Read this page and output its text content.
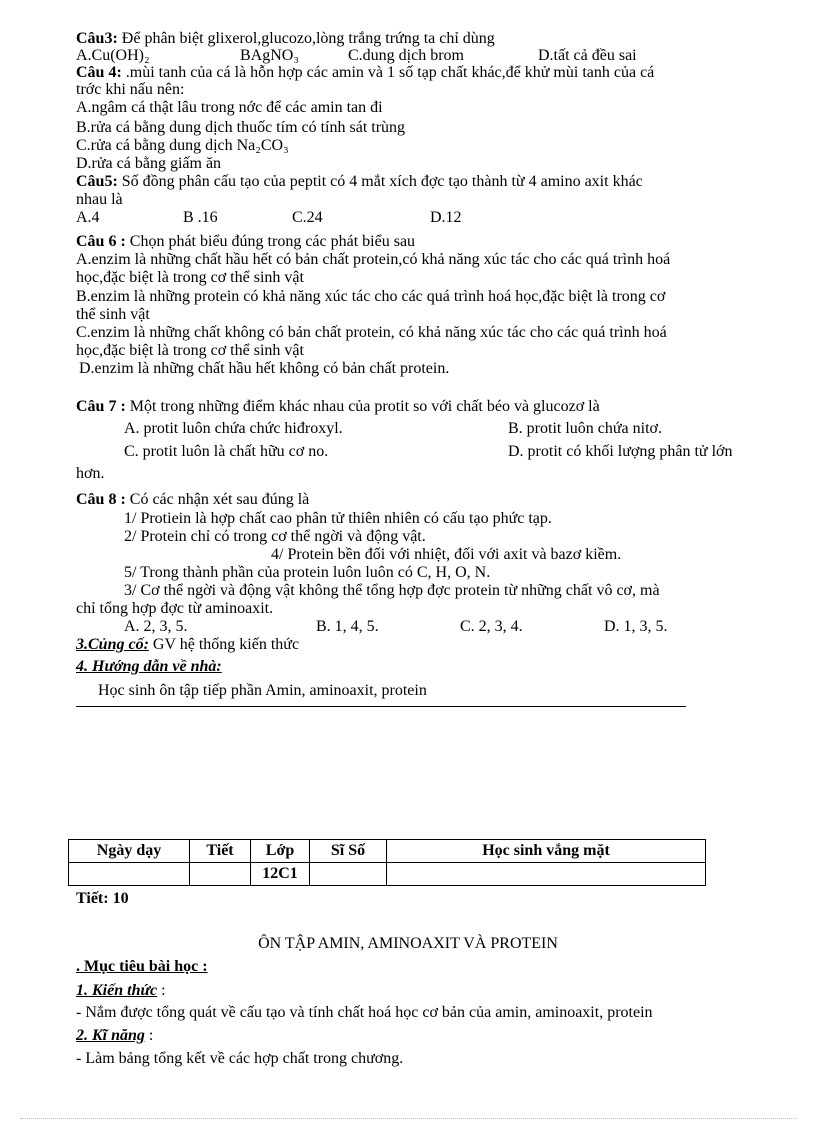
Câu3: Để phân biệt glixerol,glucozo,lòng trắng trứng ta chỉ dùng
A.Cu(OH)₂	BAgNO₃	C.dung dịch brom	D.tất cả đều sai
Câu 4: .mùi tanh của cá là hỗn hợp các amin và 1 số tạp chất khác,để khử mùi tanh của cá
trớc khi nấu nên:
A.ngâm cá thật lâu trong nớc để các amin tan đi
B.rửa cá bằng dung dịch thuốc tím có tính sát trùng
C.rửa cá bằng dung dịch Na₂CO₃
D.rửa cá bằng giấm ăn
Câu5: Số đồng phân cấu tạo của peptit có 4 mắt xích đợc tạo thành từ 4 amino axit khác
nhau là
A.4	B .16	C.24	D.12
Câu 6 : Chọn phát biểu đúng trong các phát biểu sau
A.enzim là những chất hầu hết có bản chất protein,có khả năng xúc tác cho các quá trình hoá
học,đặc biệt là trong cơ thể sinh vật
B.enzim là những protein có khả năng xúc tác cho các quá trình hoá học,đặc biệt là trong cơ
thể sinh vật
C.enzim là những chất không có bản chất protein, có khả năng xúc tác cho các quá trình hoá
học,đặc biệt là trong cơ thể sinh vật
D.enzim là những chất hầu hết không có bản chất protein.
Câu 7 : Một trong những điểm khác nhau của protit so với chất béo và glucozơ là
A. protit luôn chứa chức hiđroxyl.	B. protit luôn chứa nitơ.
C. protit luôn là chất hữu cơ no.	D. protit có khối lượng phân tử lớn
hơn.
Câu 8 : Có các nhận xét sau đúng là
1/ Protiein là hợp chất cao phân tử thiên nhiên có cấu tạo phức tạp.
2/ Protein chỉ có trong cơ thể ngời và động vật.
4/ Protein bền đối với nhiệt, đối với axit và bazơ kiềm.
5/ Trong thành phần của protein luôn luôn có C, H, O, N.
3/ Cơ thể ngời và động vật không thể tổng hợp đợc protein từ những chất vô cơ, mà
chỉ tổng hợp đợc từ aminoaxit.
A. 2, 3, 5.	B. 1, 4, 5.	C. 2, 3, 4.	D. 1, 3, 5.
3.Củng cố: GV hệ thống kiến thức
4. Hướng dẫn về nhà:
Học sinh ôn tập tiếp phần Amin, aminoaxit, protein
Ngày dạy	Tiết	Lớp	Sĩ Số	Học sinh vắng mặt
		12C1		
Tiết: 10
ÔN TẬP AMIN, AMINOAXIT VÀ PROTEIN
. Mục tiêu bài học :
1. Kiến thức :
- Nắm được tổng quát về cấu tạo và tính chất hoá học cơ bản của amin, aminoaxit, protein
2. Kĩ năng :
- Làm bảng tổng kết về các hợp chất trong chương.
